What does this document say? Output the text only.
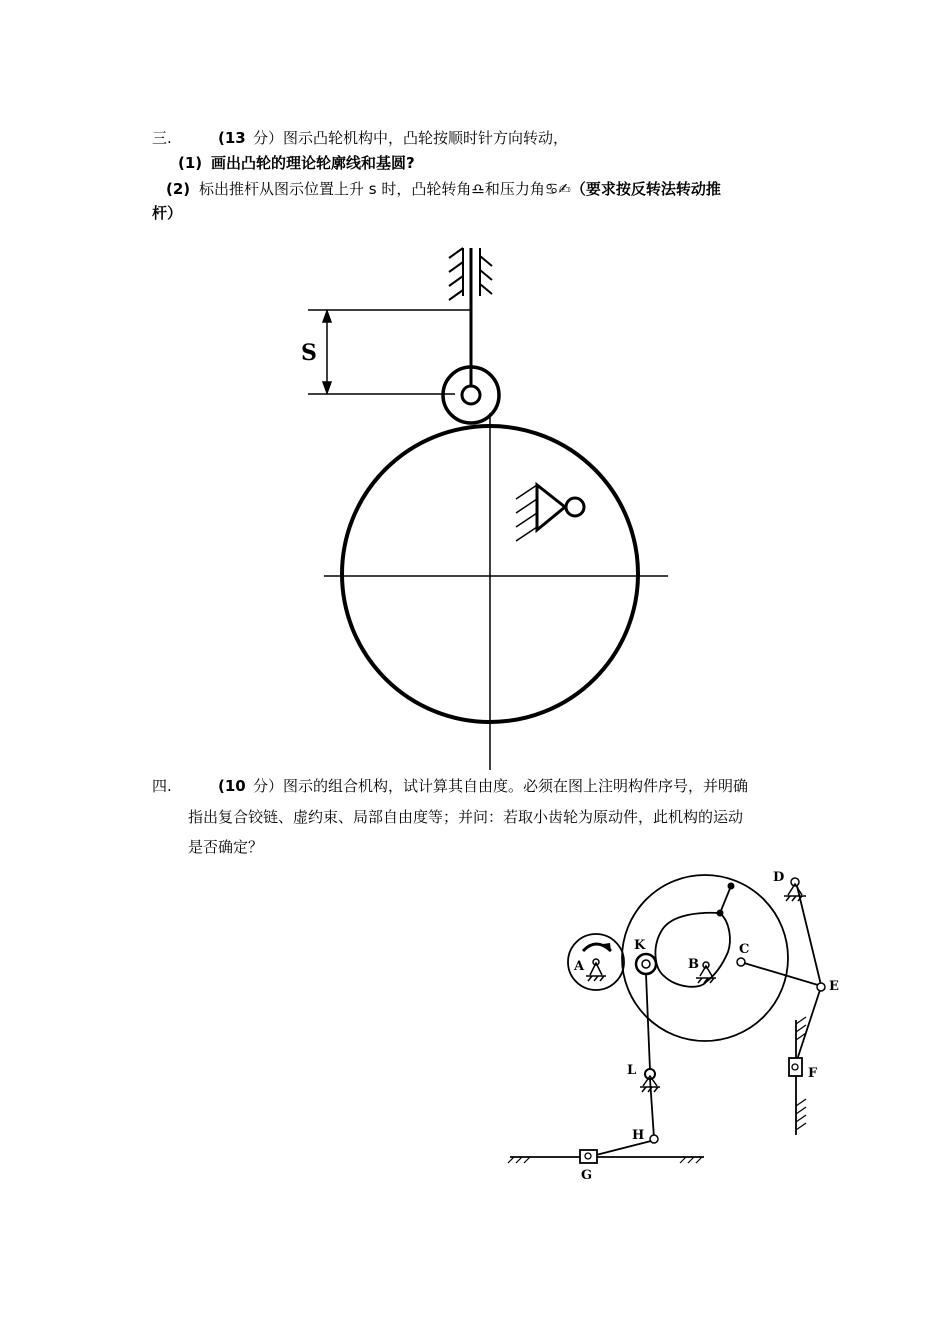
三.	(13 分）图示凸轮机构中，凸轮按顺时针方向转动，
(1) 画出凸轮的理论轮廓线和基圆?
(2) 标出推杆从图示位置上升 s 时，凸轮转角♎和压力角♋✍（要求按反转法转动推
杆）
S
四.	(10 分）图示的组合机构，试计算其自由度。必须在图上注明构件序号，并明确
指出复合铰链、虚约束、局部自由度等；并问：若取小齿轮为原动件，此机构的运动
是否确定？
A	B
C
D
E
F
G
H
K
L
